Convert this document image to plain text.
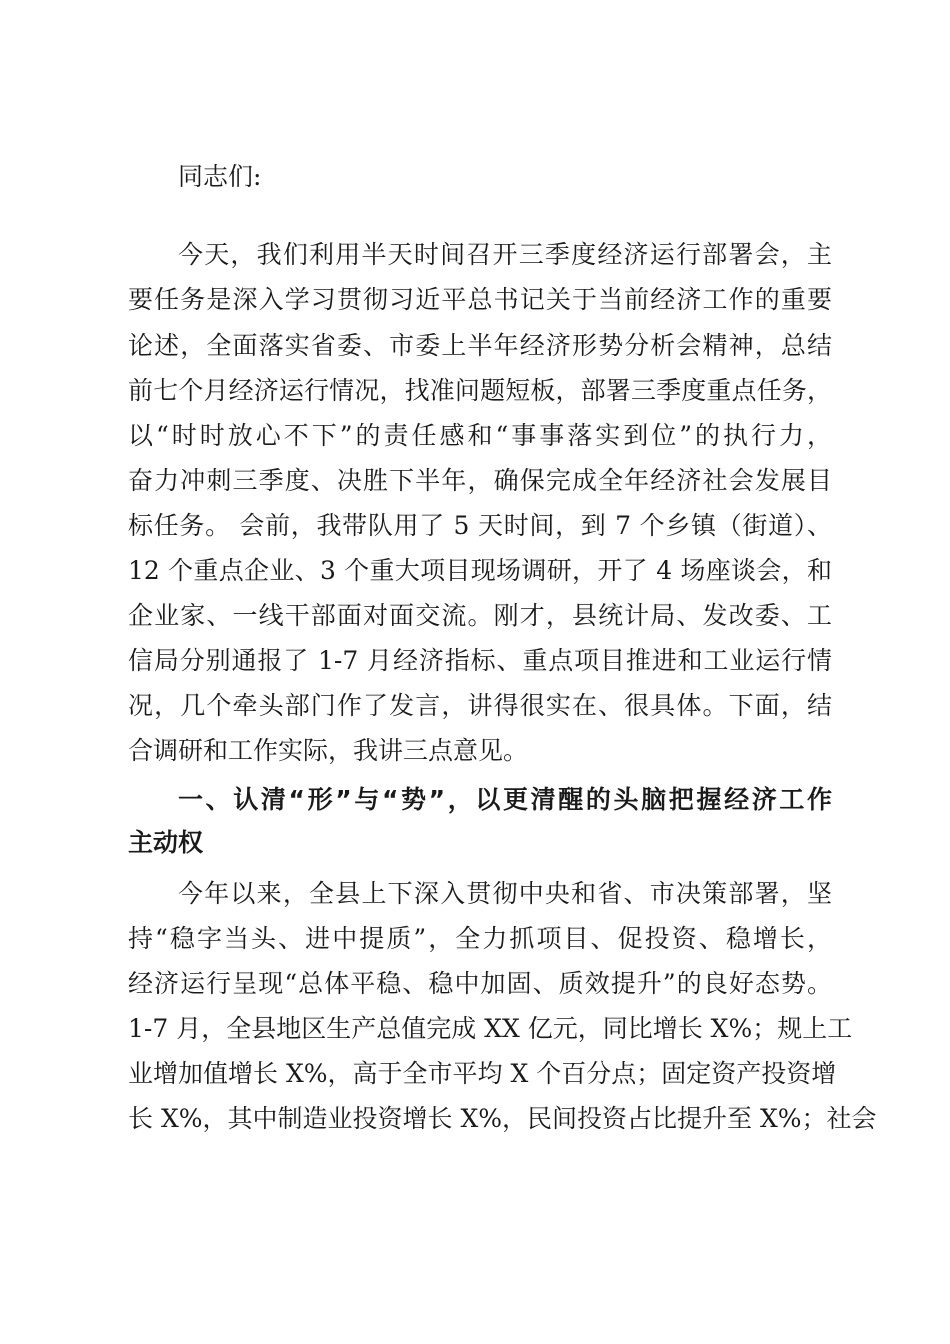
同志们:
今天，我们利用半天时间召开三季度经济运行部署会，主
要任务是深入学习贯彻习近平总书记关于当前经济工作的重要
论述，全面落实省委、市委上半年经济形势分析会精神，总结
前七个月经济运行情况，找准问题短板，部署三季度重点任务，
以“时时放心不下”的责任感和“事事落实到位”的执行力，
奋力冲刺三季度、决胜下半年，确保完成全年经济社会发展目
标任务。 会前，我带队用了 5 天时间，到 7 个乡镇（街道）、
12 个重点企业、3 个重大项目现场调研，开了 4 场座谈会，和
企业家、一线干部面对面交流。刚才，县统计局、发改委、工
信局分别通报了 1-7 月经济指标、重点项目推进和工业运行情
况，几个牵头部门作了发言，讲得很实在、很具体。下面，结
合调研和工作实际，我讲三点意见。
一、认清“形”与“势”，以更清醒的头脑把握经济工作
主动权
今年以来，全县上下深入贯彻中央和省、市决策部署，坚
持“稳字当头、进中提质”，全力抓项目、促投资、稳增长，
经济运行呈现“总体平稳、稳中加固、质效提升”的良好态势。
1-7 月，全县地区生产总值完成 XX 亿元，同比增长 X%；规上工
业增加值增长 X%，高于全市平均 X 个百分点；固定资产投资增
长 X%，其中制造业投资增长 X%，民间投资占比提升至 X%；社会
